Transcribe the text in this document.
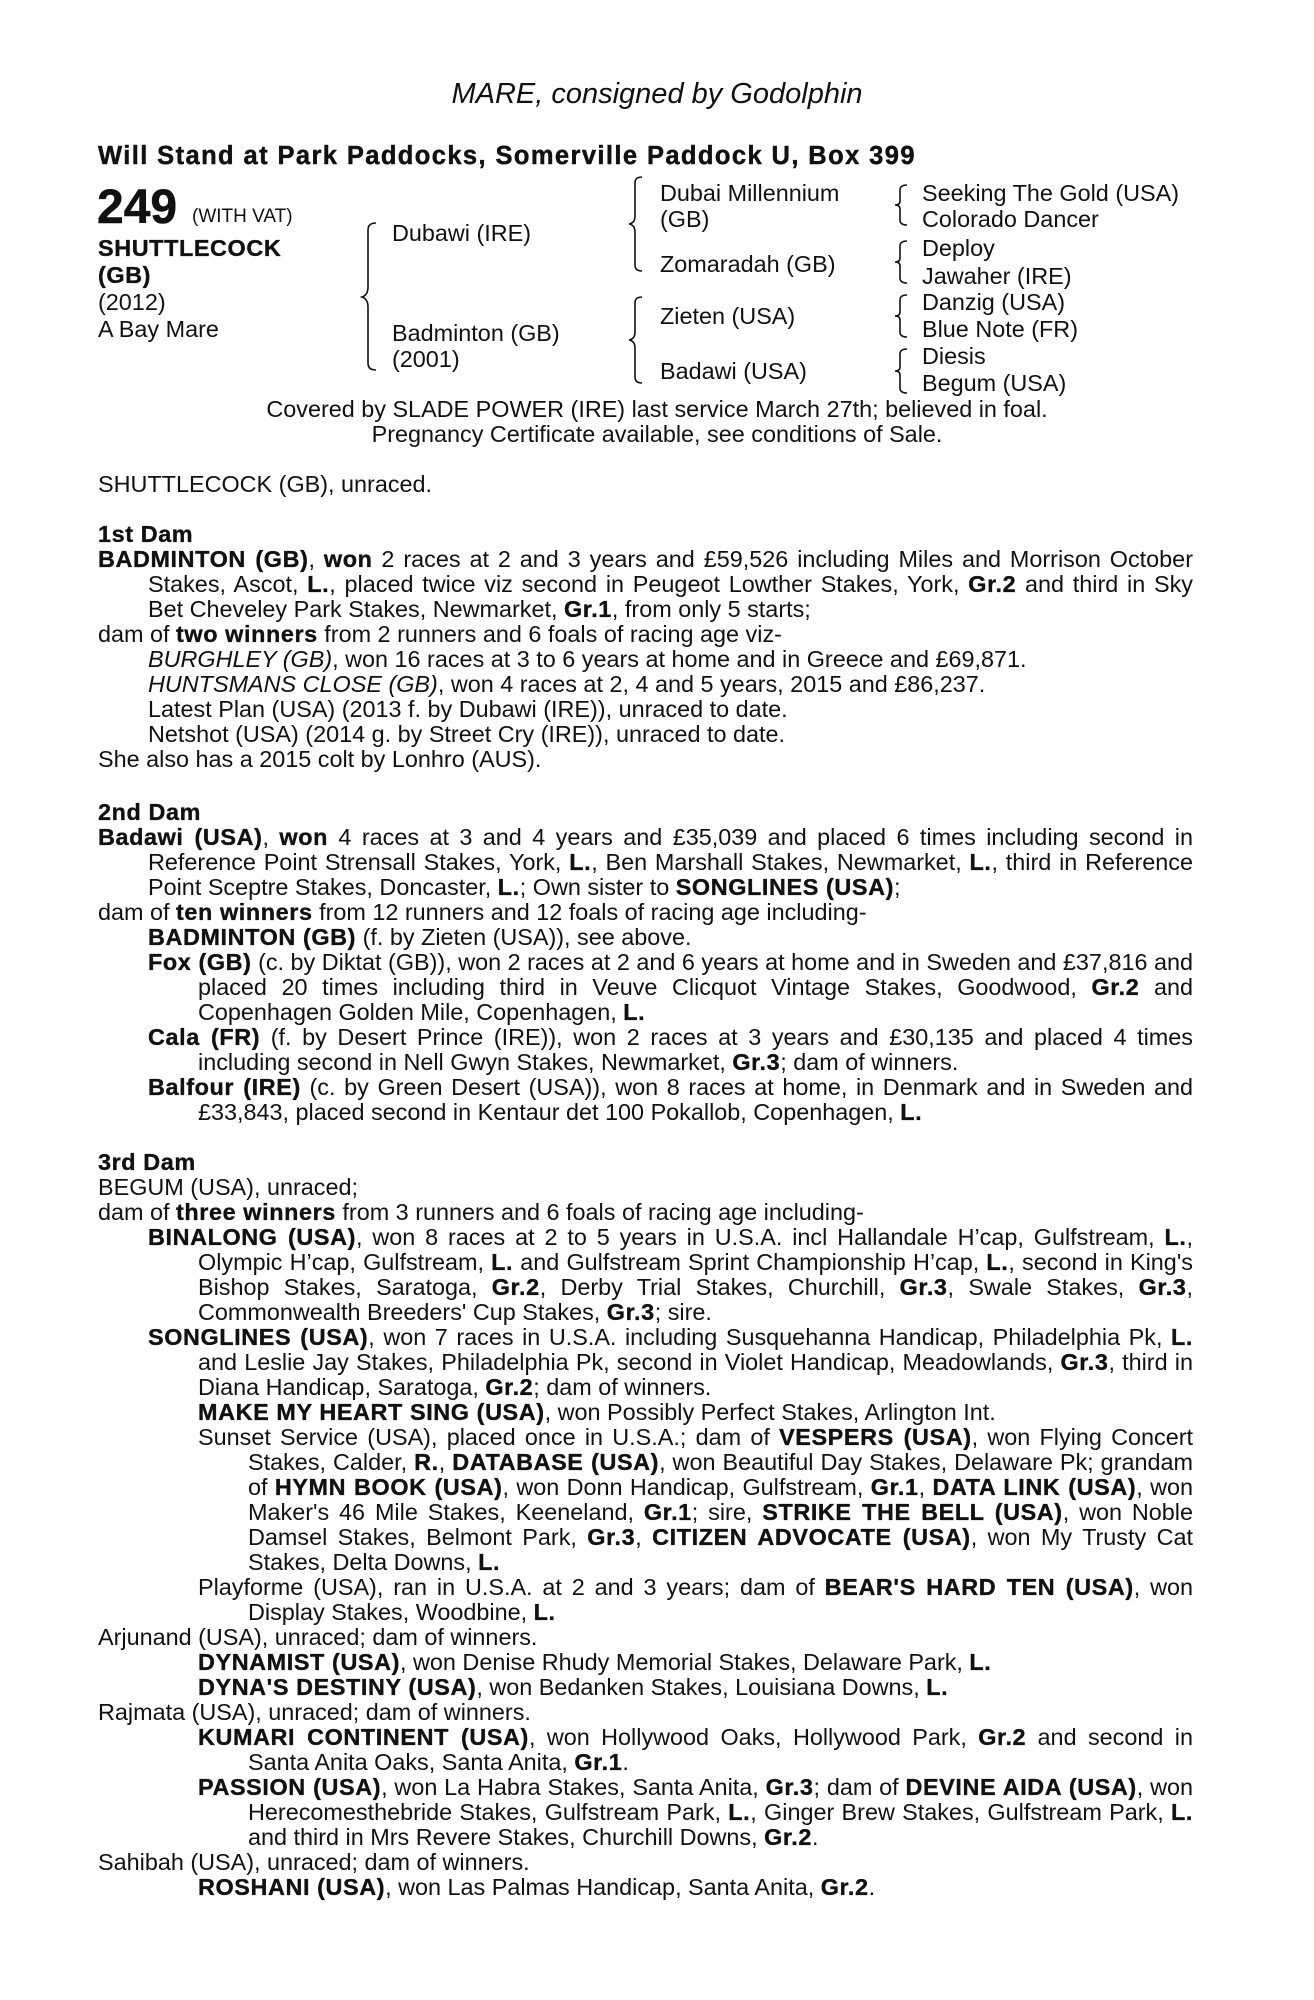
MARE, consigned by Godolphin
Will Stand at Park Paddocks, Somerville Paddock U, Box 399
249 (WITH VAT)
SHUTTLECOCK
(GB)
(2012)
A Bay Mare
Dubawi (IRE)
Badminton (GB)
(2001)
Dubai Millennium
(GB)
Zomaradah (GB)
Zieten (USA)
Badawi (USA)
Seeking The Gold (USA)
Colorado Dancer
Deploy
Jawaher (IRE)
Danzig (USA)
Blue Note (FR)
Diesis
Begum (USA)
Covered by SLADE POWER (IRE) last service March 27th; believed in foal.
Pregnancy Certificate available, see conditions of Sale.
SHUTTLECOCK (GB), unraced.

1st Dam

BADMINTON (GB), won 2 races at 2 and 3 years and £59,526 including Miles and Morrison October Stakes, Ascot, L., placed twice viz second in Peugeot Lowther Stakes, York, Gr.2 and third in Sky Bet Cheveley Park Stakes, Newmarket, Gr.1, from only 5 starts;

dam of two winners from 2 runners and 6 foals of racing age viz-

BURGHLEY (GB), won 16 races at 3 to 6 years at home and in Greece and £69,871.
HUNTSMANS CLOSE (GB), won 4 races at 2, 4 and 5 years, 2015 and £86,237.
Latest Plan (USA) (2013 f. by Dubawi (IRE)), unraced to date.
Netshot (USA) (2014 g. by Street Cry (IRE)), unraced to date.

She also has a 2015 colt by Lonhro (AUS).

2nd Dam

Badawi (USA), won 4 races at 3 and 4 years and £35,039 and placed 6 times including second in Reference Point Strensall Stakes, York, L., Ben Marshall Stakes, Newmarket, L., third in Reference Point Sceptre Stakes, Doncaster, L.; Own sister to SONGLINES (USA);

dam of ten winners from 12 runners and 12 foals of racing age including-

BADMINTON (GB) (f. by Zieten (USA)), see above.

Fox (GB) (c. by Diktat (GB)), won 2 races at 2 and 6 years at home and in Sweden and £37,816 and placed 20 times including third in Veuve Clicquot Vintage Stakes, Goodwood, Gr.2 and Copenhagen Golden Mile, Copenhagen, L.

Cala (FR) (f. by Desert Prince (IRE)), won 2 races at 3 years and £30,135 and placed 4 times including second in Nell Gwyn Stakes, Newmarket, Gr.3; dam of winners.

Balfour (IRE) (c. by Green Desert (USA)), won 8 races at home, in Denmark and in Sweden and £33,843, placed second in Kentaur det 100 Pokallob, Copenhagen, L.

3rd Dam

BEGUM (USA), unraced;

dam of three winners from 3 runners and 6 foals of racing age including-

BINALONG (USA), won 8 races at 2 to 5 years in U.S.A. incl Hallandale H’cap, Gulfstream, L., Olympic H’cap, Gulfstream, L. and Gulfstream Sprint Championship H’cap, L., second in King's Bishop Stakes, Saratoga, Gr.2, Derby Trial Stakes, Churchill, Gr.3, Swale Stakes, Gr.3, Commonwealth Breeders' Cup Stakes, Gr.3; sire.

SONGLINES (USA), won 7 races in U.S.A. including Susquehanna Handicap, Philadelphia Pk, L. and Leslie Jay Stakes, Philadelphia Pk, second in Violet Handicap, Meadowlands, Gr.3, third in Diana Handicap, Saratoga, Gr.2; dam of winners.

MAKE MY HEART SING (USA), won Possibly Perfect Stakes, Arlington Int.

Sunset Service (USA), placed once in U.S.A.; dam of VESPERS (USA), won Flying Concert Stakes, Calder, R., DATABASE (USA), won Beautiful Day Stakes, Delaware Pk; grandam of HYMN BOOK (USA), won Donn Handicap, Gulfstream, Gr.1, DATA LINK (USA), won Maker's 46 Mile Stakes, Keeneland, Gr.1; sire, STRIKE THE BELL (USA), won Noble Damsel Stakes, Belmont Park, Gr.3, CITIZEN ADVOCATE (USA), won My Trusty Cat Stakes, Delta Downs, L.

Playforme (USA), ran in U.S.A. at 2 and 3 years; dam of BEAR'S HARD TEN (USA), won Display Stakes, Woodbine, L.

Arjunand (USA), unraced; dam of winners.

DYNAMIST (USA), won Denise Rhudy Memorial Stakes, Delaware Park, L.

DYNA'S DESTINY (USA), won Bedanken Stakes, Louisiana Downs, L.

Rajmata (USA), unraced; dam of winners.

KUMARI CONTINENT (USA), won Hollywood Oaks, Hollywood Park, Gr.2 and second in Santa Anita Oaks, Santa Anita, Gr.1.

PASSION (USA), won La Habra Stakes, Santa Anita, Gr.3; dam of DEVINE AIDA (USA), won Herecomesthebride Stakes, Gulfstream Park, L., Ginger Brew Stakes, Gulfstream Park, L. and third in Mrs Revere Stakes, Churchill Downs, Gr.2.

Sahibah (USA), unraced; dam of winners.

ROSHANI (USA), won Las Palmas Handicap, Santa Anita, Gr.2.
